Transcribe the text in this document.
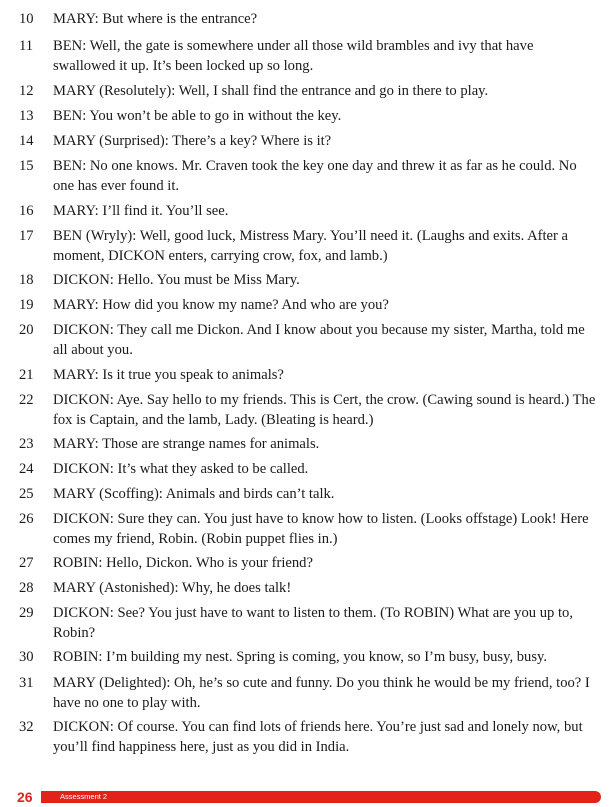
10	MARY: But where is the entrance?
11	BEN: Well, the gate is somewhere under all those wild brambles and ivy that have swallowed it up. It’s been locked up so long.
12	MARY (Resolutely): Well, I shall find the entrance and go in there to play.
13	BEN: You won’t be able to go in without the key.
14	MARY (Surprised): There’s a key? Where is it?
15	BEN: No one knows. Mr. Craven took the key one day and threw it as far as he could. No one has ever found it.
16	MARY: I’ll find it. You’ll see.
17	BEN (Wryly): Well, good luck, Mistress Mary. You’ll need it. (Laughs and exits. After a moment, DICKON enters, carrying crow, fox, and lamb.)
18	DICKON: Hello. You must be Miss Mary.
19	MARY: How did you know my name? And who are you?
20	DICKON: They call me Dickon. And I know about you because my sister, Martha, told me all about you.
21	MARY: Is it true you speak to animals?
22	DICKON: Aye. Say hello to my friends. This is Cert, the crow. (Cawing sound is heard.) The fox is Captain, and the lamb, Lady. (Bleating is heard.)
23	MARY: Those are strange names for animals.
24	DICKON: It’s what they asked to be called.
25	MARY (Scoffing): Animals and birds can’t talk.
26	DICKON: Sure they can. You just have to know how to listen. (Looks offstage) Look! Here comes my friend, Robin. (Robin puppet flies in.)
27	ROBIN: Hello, Dickon. Who is your friend?
28	MARY (Astonished): Why, he does talk!
29	DICKON: See? You just have to want to listen to them. (To ROBIN) What are you up to, Robin?
30	ROBIN: I’m building my nest. Spring is coming, you know, so I’m busy, busy, busy.
31	MARY (Delighted): Oh, he’s so cute and funny. Do you think he would be my friend, too? I have no one to play with.
32	DICKON: Of course. You can find lots of friends here. You’re just sad and lonely now, but you’ll find happiness here, just as you did in India.
26	Assessment 2
